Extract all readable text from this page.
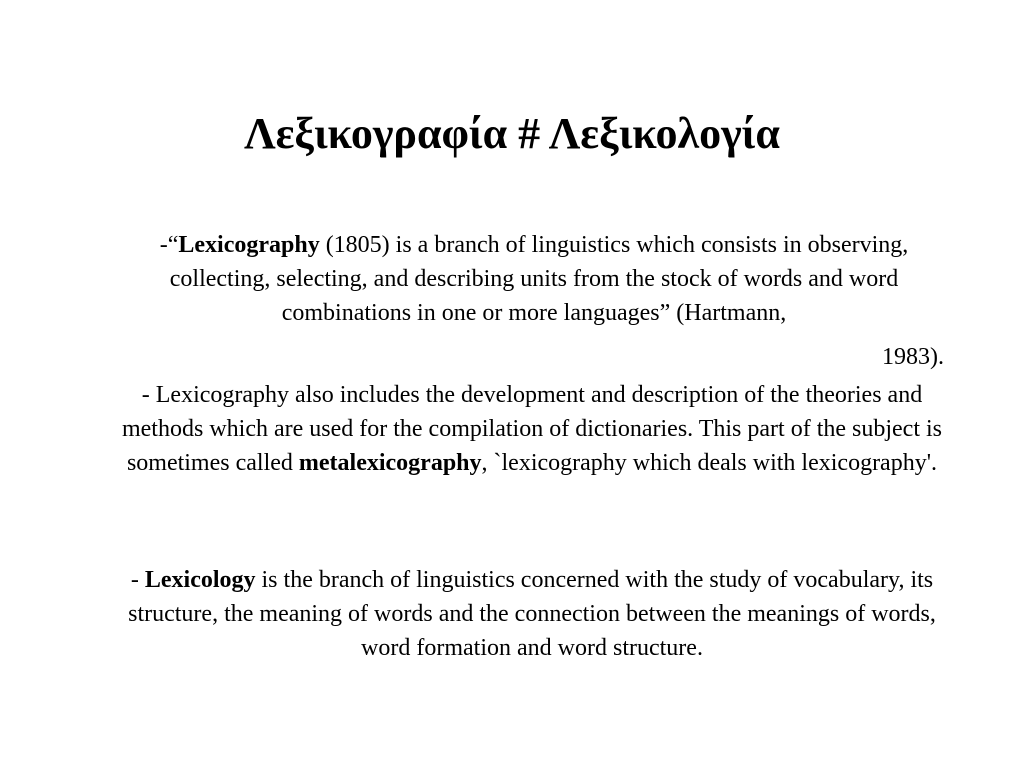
Λεξικογραφία # Λεξικολογία

-“Lexicography (1805) is a branch of linguistics which consists in observing, collecting, selecting, and describing units from the stock of words and word combinations in one or more languages” (Hartmann,

1983).

- Lexicography also includes the development and description of the theories and methods which are used for the compilation of dictionaries. This part of the subject is sometimes called metalexicography, `lexicography which deals with lexicography'.

- Lexicology is the branch of linguistics concerned with the study of vocabulary, its structure, the meaning of words and the connection between the meanings of words, word formation and word structure.
